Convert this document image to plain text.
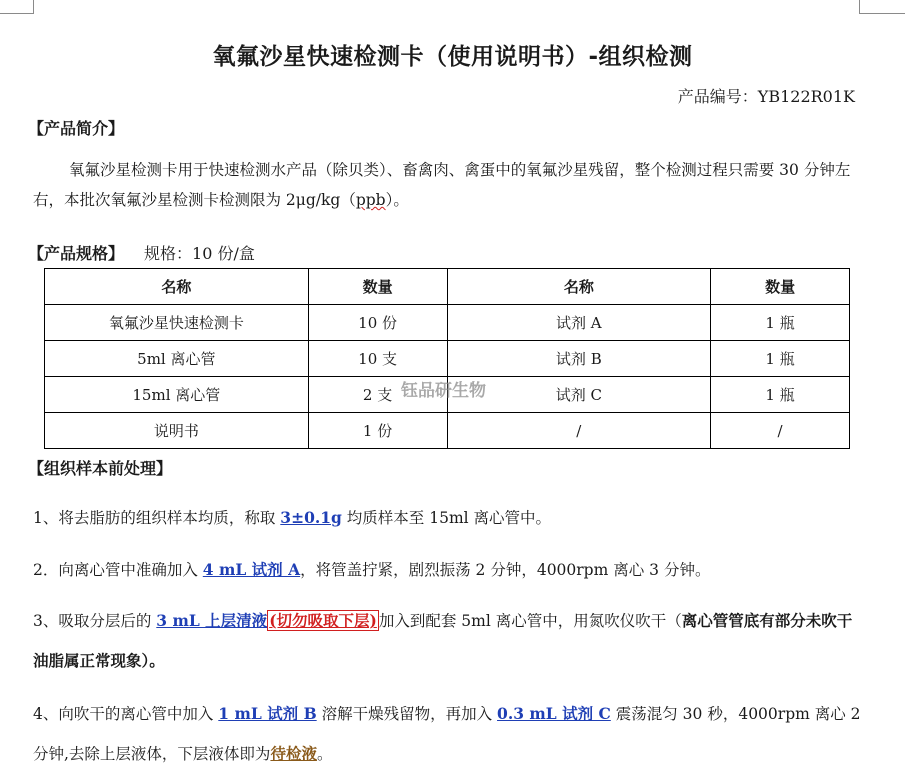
氧氟沙星快速检测卡（使用说明书）-组织检测
产品编号：YB122R01K
【产品简介】
氧氟沙星检测卡用于快速检测水产品（除贝类）、畜禽肉、禽蛋中的氧氟沙星残留，整个检测过程只需要 30 分钟左右，本批次氧氟沙星检测卡检测限为 2μg/kg（ppb）。
【产品规格】 规格：10 份/盒
名称	数量	名称	数量
氧氟沙星快速检测卡	10 份	试剂 A	1 瓶
5ml 离心管	10 支	试剂 B	1 瓶
15ml 离心管	2 支	试剂 C	1 瓶
说明书	1 份	/	/
钰品研生物
【组织样本前处理】
1、将去脂肪的组织样本均质，称取 3±0.1g 均质样本至 15ml 离心管中。
2．向离心管中准确加入 4 mL 试剂 A，将管盖拧紧，剧烈振荡 2 分钟，4000rpm 离心 3 分钟。
3、吸取分层后的 3 mL 上层清液 (切勿吸取下层) 加入到配套 5ml 离心管中，用氮吹仪吹干（离心管管底有部分未吹干油脂属正常现象）。
4、向吹干的离心管中加入 1 mL 试剂 B 溶解干燥残留物，再加入 0.3 mL 试剂 C 震荡混匀 30 秒，4000rpm 离心 2 分钟,去除上层液体，下层液体即为待检液。
